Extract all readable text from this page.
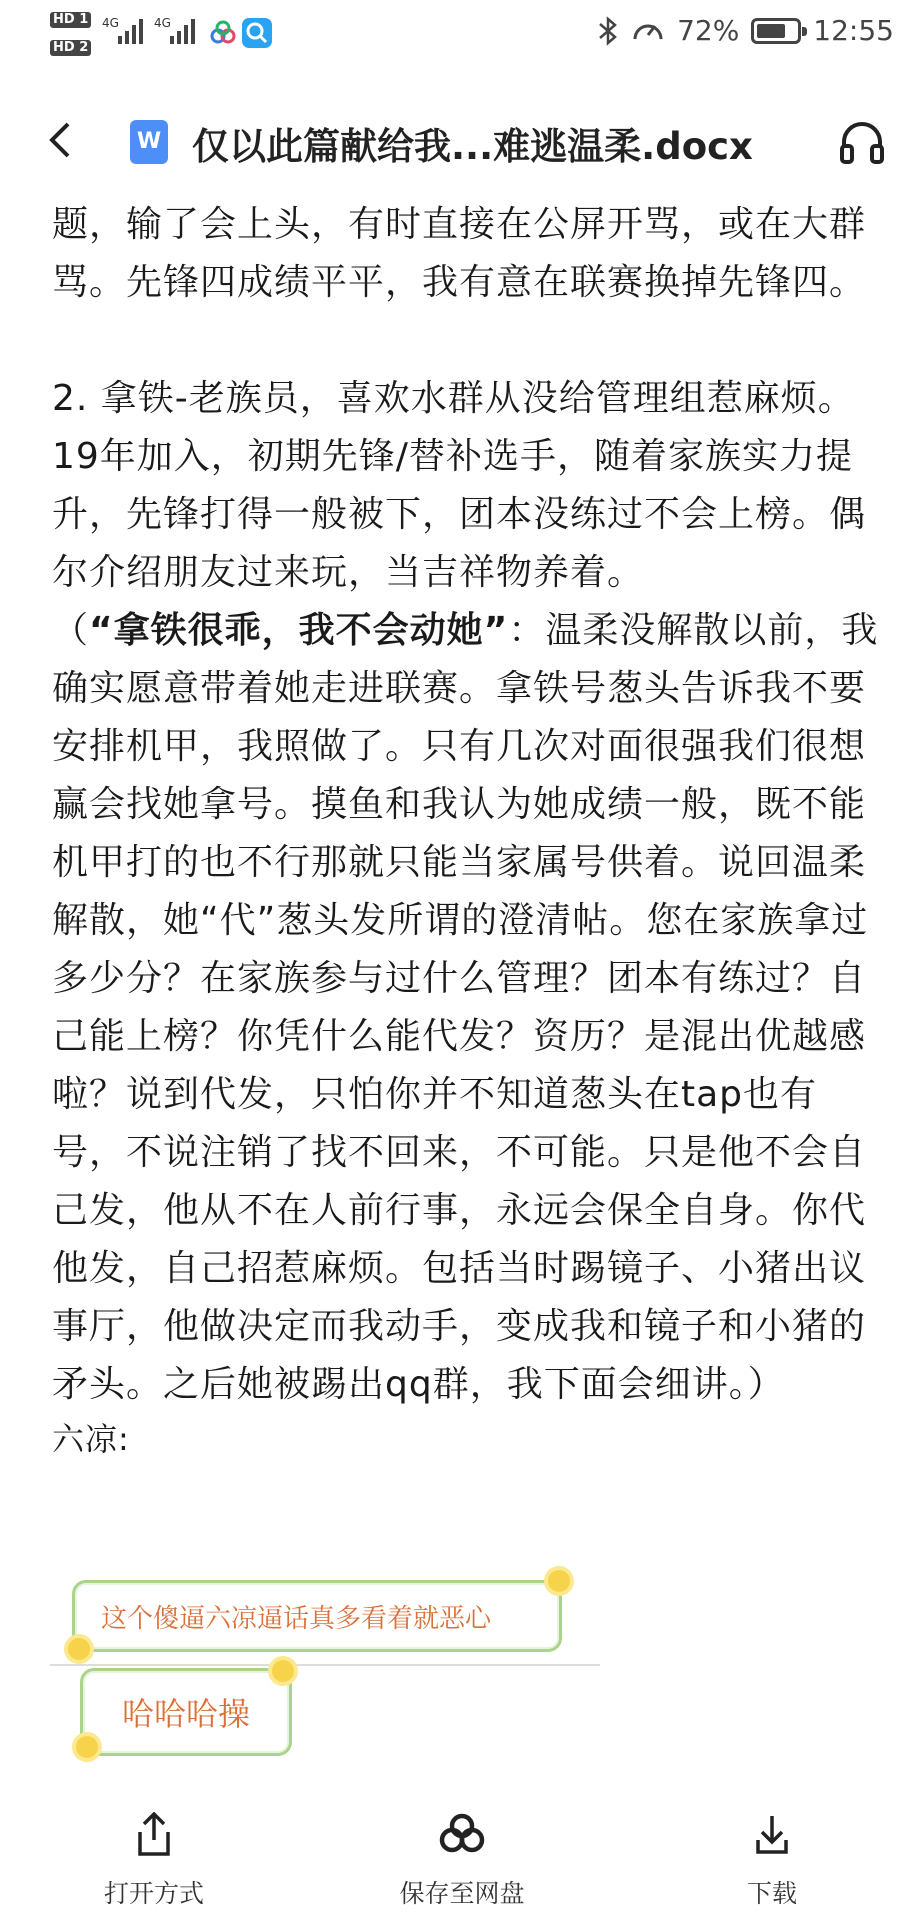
HD 1
HD 2
4G	4G	72%	12:55
W 仅以此篇献给我...难逃温柔.docx

题，输了会上头，有时直接在公屏开骂，或在大群骂。先锋四成绩平平，我有意在联赛换掉先锋四。

2. 拿铁-老族员，喜欢水群从没给管理组惹麻烦。19年加入，初期先锋/替补选手，随着家族实力提升，先锋打得一般被下，团本没练过不会上榜。偶尔介绍朋友过来玩，当吉祥物养着。

（“拿铁很乖，我不会动她”：温柔没解散以前，我确实愿意带着她走进联赛。拿铁号葱头告诉我不要安排机甲，我照做了。只有几次对面很强我们很想赢会找她拿号。摸鱼和我认为她成绩一般，既不能机甲打的也不行那就只能当家属号供着。说回温柔解散，她“代”葱头发所谓的澄清帖。您在家族拿过多少分？在家族参与过什么管理？团本有练过？自己能上榜？你凭什么能代发？资历？是混出优越感啦？说到代发，只怕你并不知道葱头在tap也有号，不说注销了找不回来，不可能。只是他不会自己发，他从不在人前行事，永远会保全自身。你代他发，自己招惹麻烦。包括当时踢镜子、小猪出议事厅，他做决定而我动手，变成我和镜子和小猪的矛头。之后她被踢出qq群，我下面会细讲。）

六凉:

这个傻逼六凉逼话真多看着就恶心
哈哈哈操
打开方式	保存至网盘	下载
